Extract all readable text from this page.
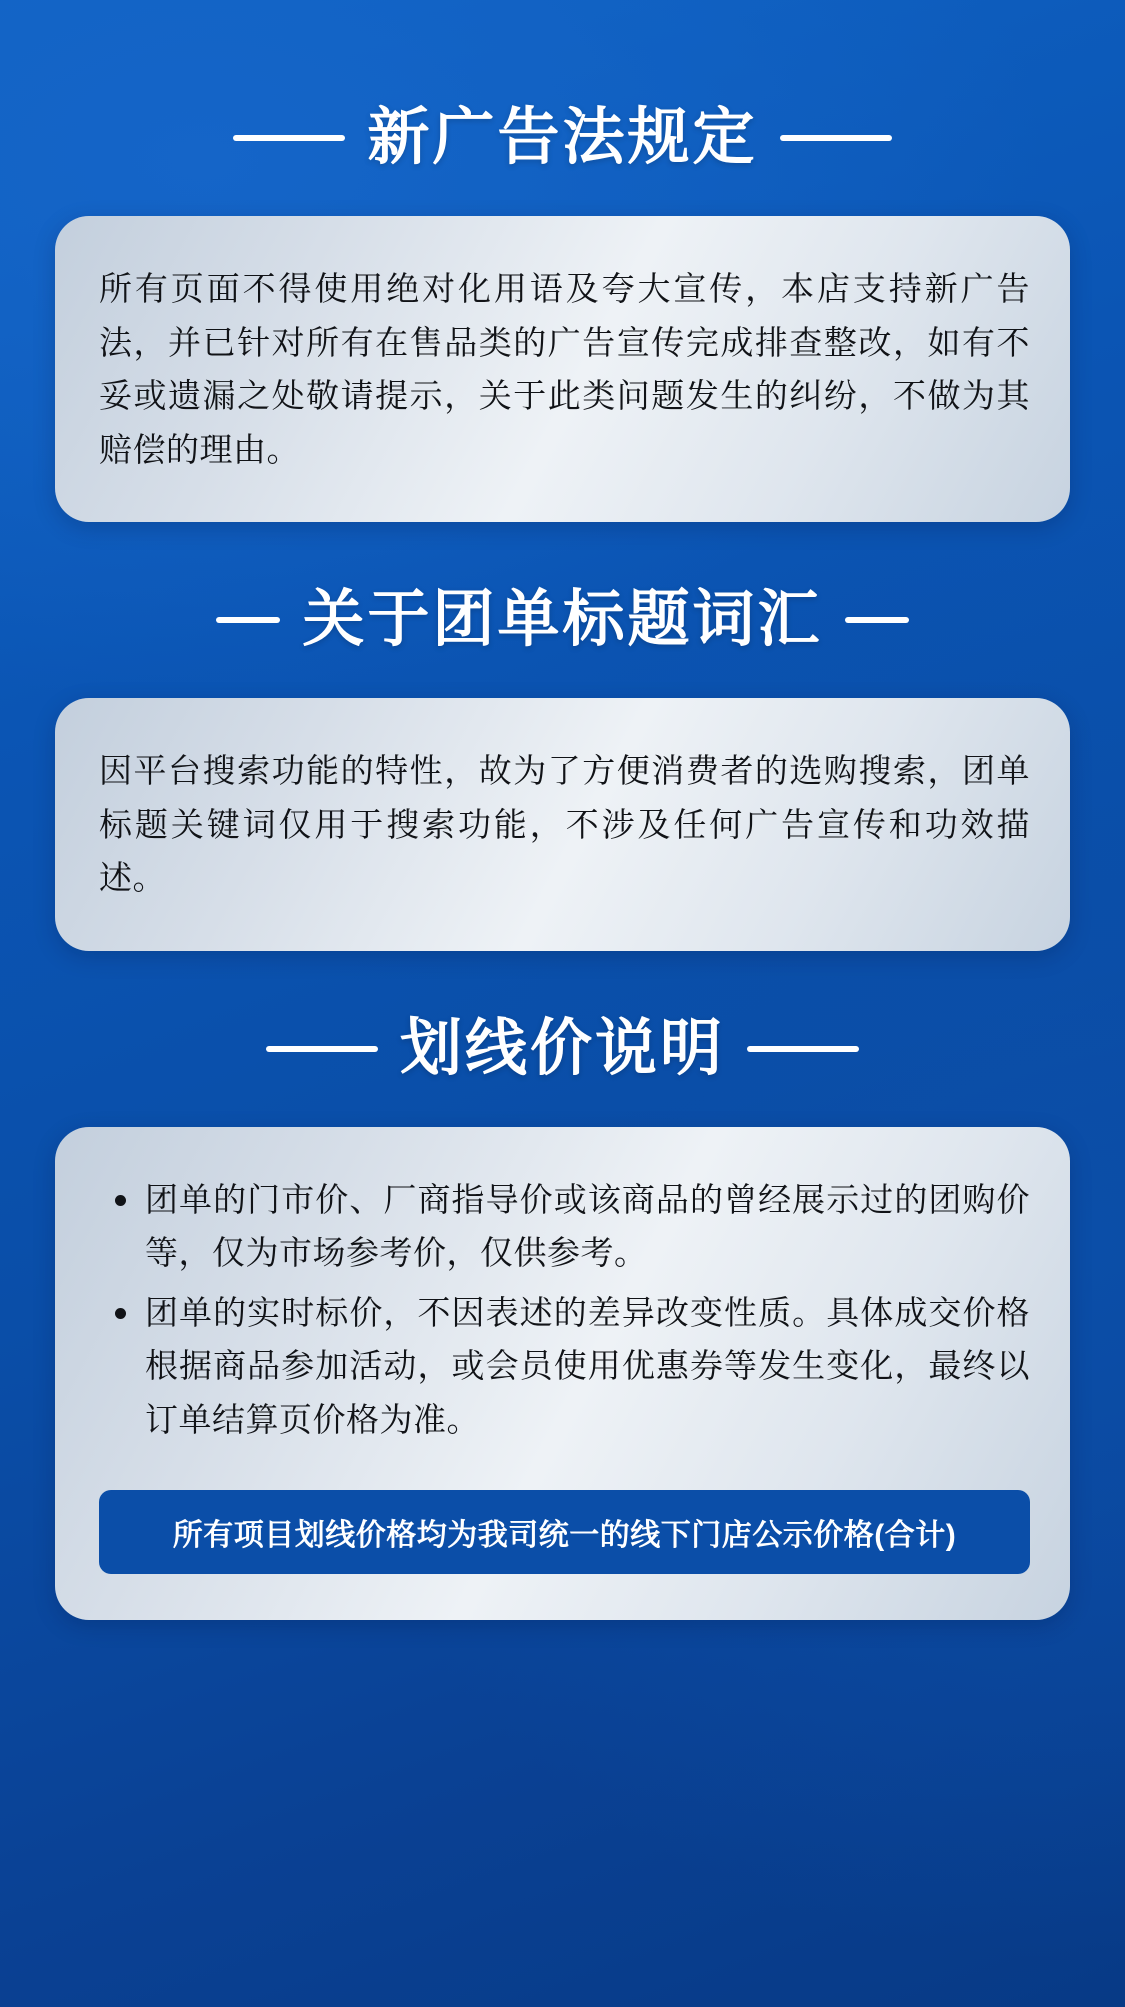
新广告法规定

所有页面不得使用绝对化用语及夸大宣传，本店支持新广告法，并已针对所有在售品类的广告宣传完成排查整改，如有不妥或遗漏之处敬请提示，关于此类问题发生的纠纷，不做为其赔偿的理由。

关于团单标题词汇

因平台搜索功能的特性，故为了方便消费者的选购搜索，团单标题关键词仅用于搜索功能，不涉及任何广告宣传和功效描述。

划线价说明
团单的门市价、厂商指导价或该商品的曾经展示过的团购价等，仅为市场参考价，仅供参考。
团单的实时标价，不因表述的差异改变性质。具体成交价格根据商品参加活动，或会员使用优惠券等发生变化，最终以订单结算页价格为准。
所有项目划线价格均为我司统一的线下门店公示价格(合计)
